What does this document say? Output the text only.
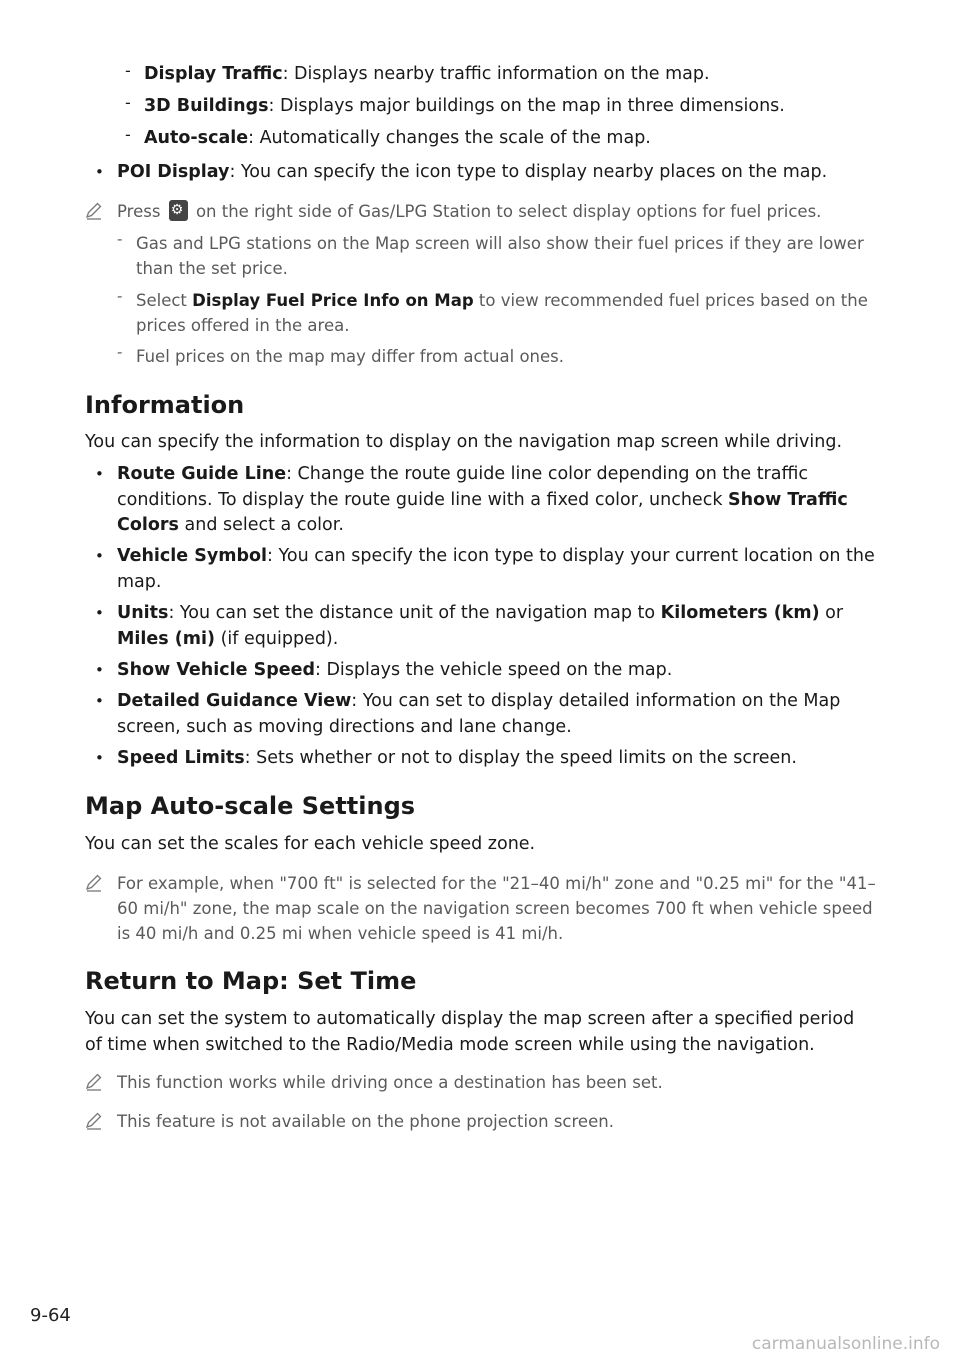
- Display Traffic: Displays nearby traffic information on the map.
- 3D Buildings: Displays major buildings on the map in three dimensions.
- Auto-scale: Automatically changes the scale of the map.
• POI Display: You can specify the icon type to display nearby places on the map.
Press ⚙ on the right side of Gas/LPG Station to select display options for fuel prices.
- Gas and LPG stations on the Map screen will also show their fuel prices if they are lower than the set price.
- Select Display Fuel Price Info on Map to view recommended fuel prices based on the prices offered in the area.
- Fuel prices on the map may differ from actual ones.
Information
You can specify the information to display on the navigation map screen while driving.
• Route Guide Line: Change the route guide line color depending on the traffic conditions. To display the route guide line with a fixed color, uncheck Show Traffic Colors and select a color.
• Vehicle Symbol: You can specify the icon type to display your current location on the map.
• Units: You can set the distance unit of the navigation map to Kilometers (km) or Miles (mi) (if equipped).
• Show Vehicle Speed: Displays the vehicle speed on the map.
• Detailed Guidance View: You can set to display detailed information on the Map screen, such as moving directions and lane change.
• Speed Limits: Sets whether or not to display the speed limits on the screen.
Map Auto-scale Settings
You can set the scales for each vehicle speed zone.
For example, when "700 ft" is selected for the "21–40 mi/h" zone and "0.25 mi" for the "41–60 mi/h" zone, the map scale on the navigation screen becomes 700 ft when vehicle speed is 40 mi/h and 0.25 mi when vehicle speed is 41 mi/h.
Return to Map: Set Time
You can set the system to automatically display the map screen after a specified period of time when switched to the Radio/Media mode screen while using the navigation.
This function works while driving once a destination has been set.
This feature is not available on the phone projection screen.
9-64
carmanualsonline.info
